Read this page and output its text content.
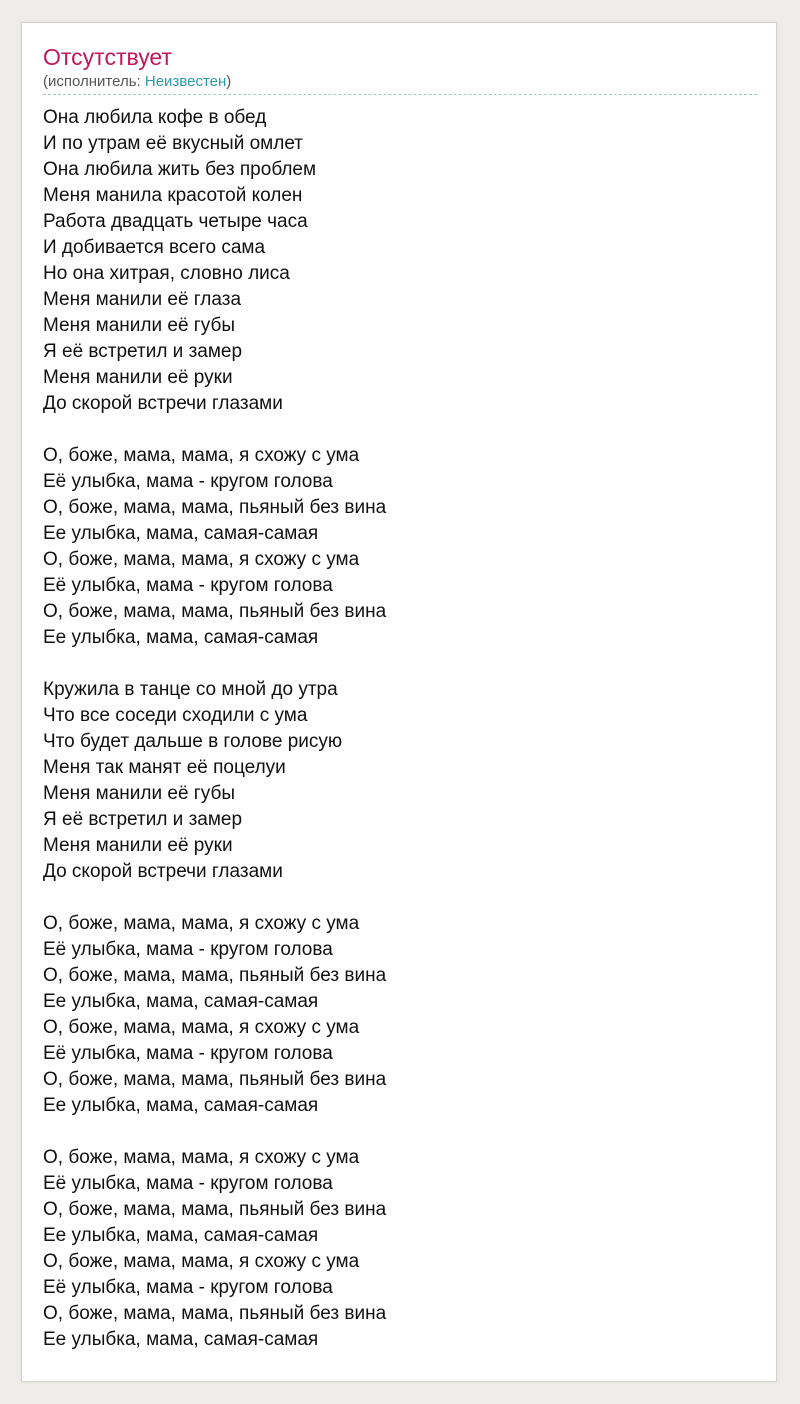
Отсутствует
(исполнитель: Неизвестен)
Она любила кофе в обед
И по утрам её вкусный омлет
Она любила жить без проблем
Меня манила красотой колен
Работа двадцать четыре часа
И добивается всего сама
Но она хитрая, словно лиса
Меня манили её глаза
Меня манили её губы
Я её встретил и замер
Меня манили её руки
До скорой встречи глазами
О, боже, мама, мама, я схожу с ума
Её улыбка, мама - кругом голова
О, боже, мама, мама, пьяный без вина
Ее улыбка, мама, самая-самая
О, боже, мама, мама, я схожу с ума
Её улыбка, мама - кругом голова
О, боже, мама, мама, пьяный без вина
Ее улыбка, мама, самая-самая
Кружила в танце со мной до утра
Что все соседи сходили с ума
Что будет дальше в голове рисую
Меня так манят её поцелуи
Меня манили её губы
Я её встретил и замер
Меня манили её руки
До скорой встречи глазами
О, боже, мама, мама, я схожу с ума
Её улыбка, мама - кругом голова
О, боже, мама, мама, пьяный без вина
Ее улыбка, мама, самая-самая
О, боже, мама, мама, я схожу с ума
Её улыбка, мама - кругом голова
О, боже, мама, мама, пьяный без вина
Ее улыбка, мама, самая-самая
О, боже, мама, мама, я схожу с ума
Её улыбка, мама - кругом голова
О, боже, мама, мама, пьяный без вина
Ее улыбка, мама, самая-самая
О, боже, мама, мама, я схожу с ума
Её улыбка, мама - кругом голова
О, боже, мама, мама, пьяный без вина
Ее улыбка, мама, самая-самая
